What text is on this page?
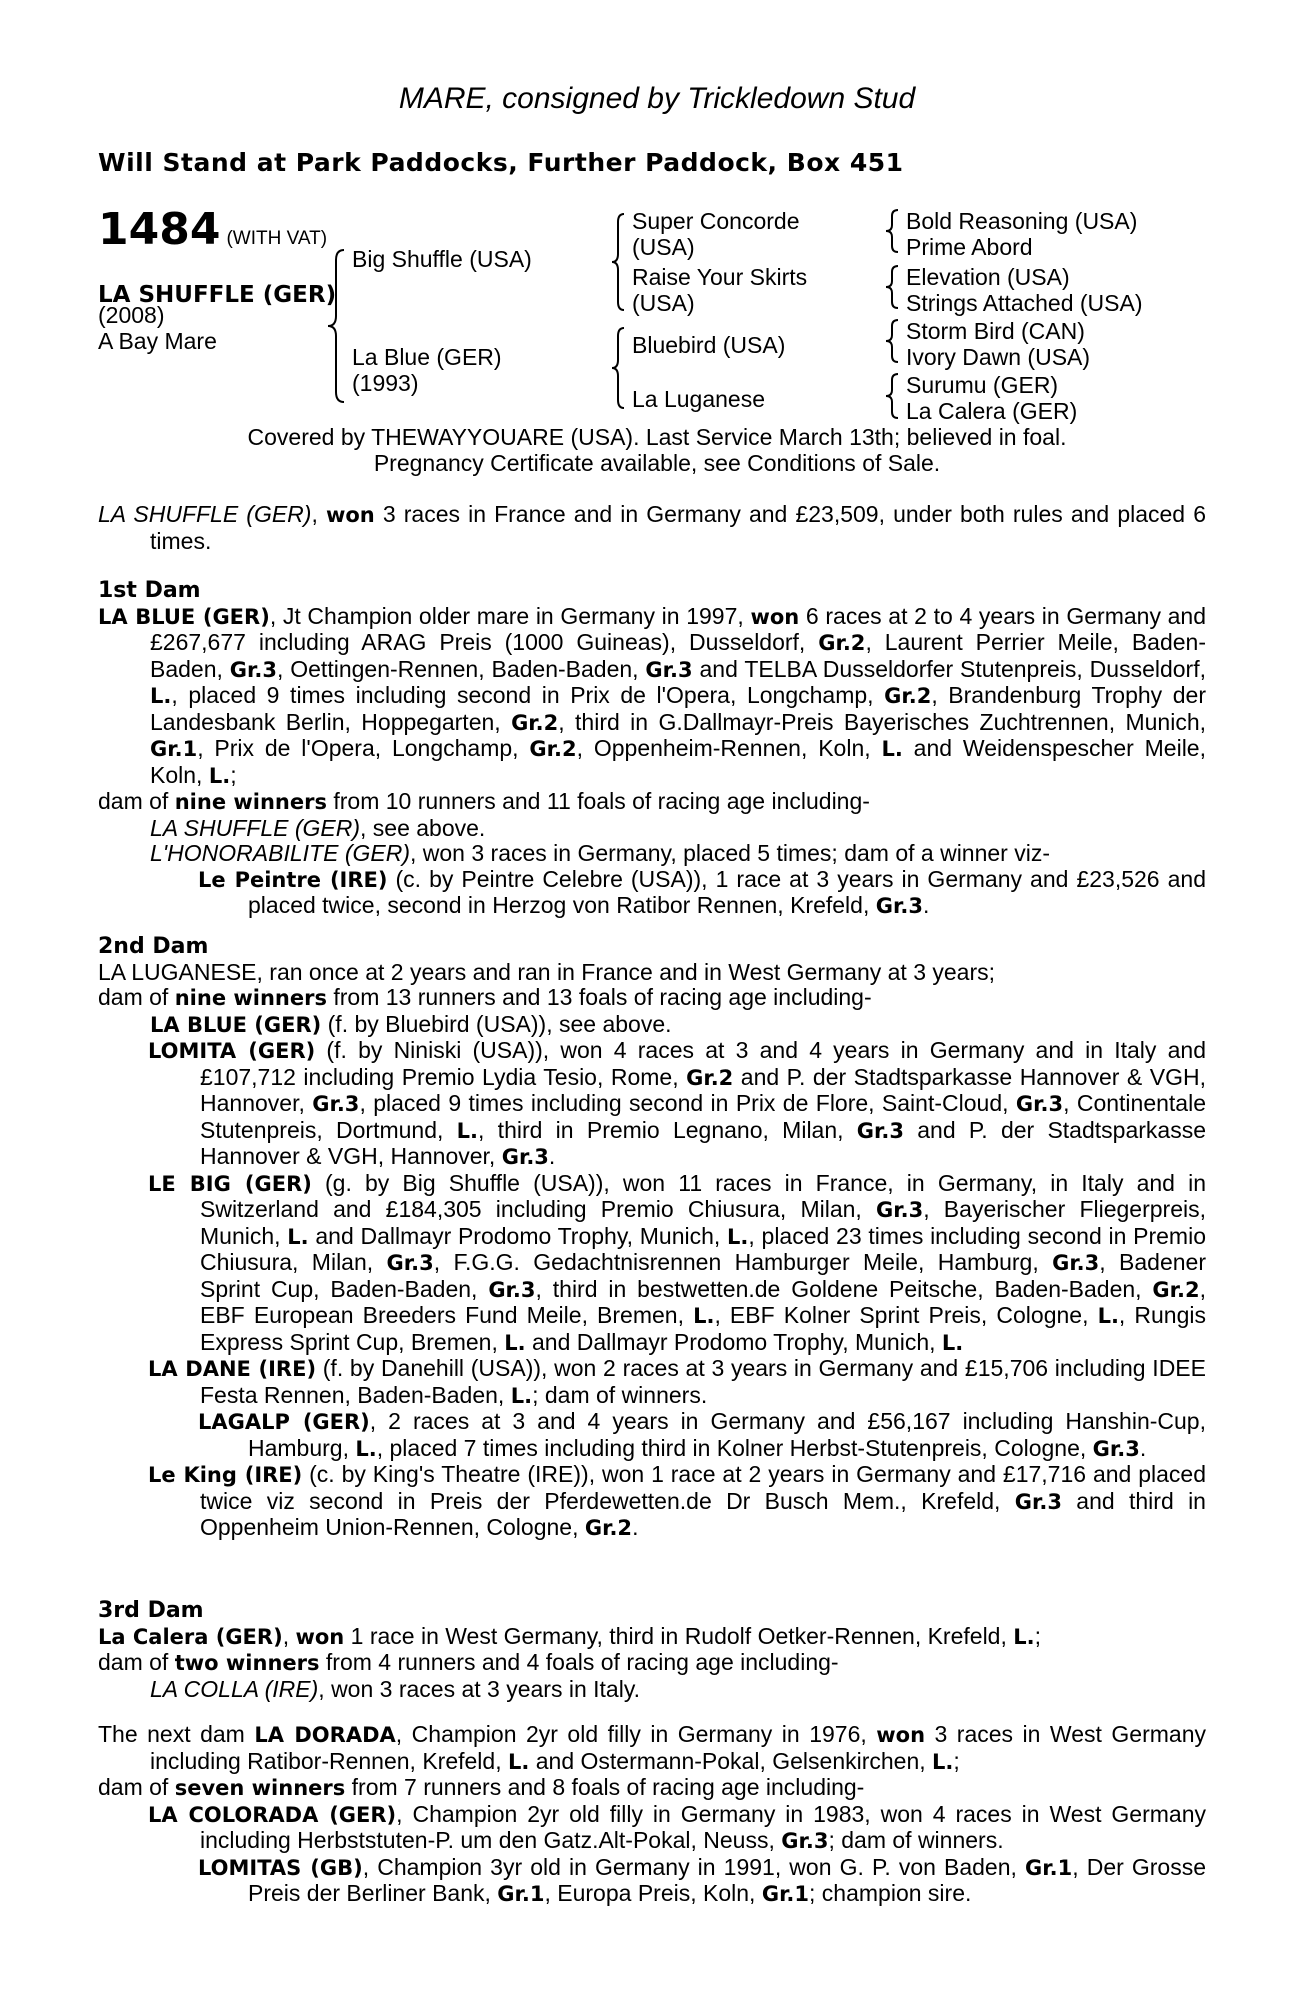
MARE, consigned by Trickledown Stud
Will Stand at Park Paddocks, Further Paddock, Box 451
1484 (WITH VAT)
LA SHUFFLE (GER)
(2008)
A Bay Mare
Big Shuffle (USA)
La Blue (GER)
(1993)
Super Concorde
(USA)
Raise Your Skirts
(USA)
Bluebird (USA)
La Luganese
Bold Reasoning (USA)
Prime Abord
Elevation (USA)
Strings Attached (USA)
Storm Bird (CAN)
Ivory Dawn (USA)
Surumu (GER)
La Calera (GER)
Covered by THEWAYYOUARE (USA). Last Service March 13th; believed in foal.
Pregnancy Certificate available, see Conditions of Sale.

LA SHUFFLE (GER), won 3 races in France and in Germany and £23,509, under both rules and placed 6 times.

1st Dam

LA BLUE (GER), Jt Champion older mare in Germany in 1997, won 6 races at 2 to 4 years in Germany and £267,677 including ARAG Preis (1000 Guineas), Dusseldorf, Gr.2, Laurent Perrier Meile, Baden-Baden, Gr.3, Oettingen-Rennen, Baden-Baden, Gr.3 and TELBA Dusseldorfer Stutenpreis, Dusseldorf, L., placed 9 times including second in Prix de l'Opera, Longchamp, Gr.2, Brandenburg Trophy der Landesbank Berlin, Hoppegarten, Gr.2, third in G.Dallmayr-Preis Bayerisches Zuchtrennen, Munich, Gr.1, Prix de l'Opera, Longchamp, Gr.2, Oppenheim-Rennen, Koln, L. and Weidenspescher Meile, Koln, L.;

dam of nine winners from 10 runners and 11 foals of racing age including-

LA SHUFFLE (GER), see above.

L'HONORABILITE (GER), won 3 races in Germany, placed 5 times; dam of a winner viz-

Le Peintre (IRE) (c. by Peintre Celebre (USA)), 1 race at 3 years in Germany and £23,526 and placed twice, second in Herzog von Ratibor Rennen, Krefeld, Gr.3.

2nd Dam

LA LUGANESE, ran once at 2 years and ran in France and in West Germany at 3 years;

dam of nine winners from 13 runners and 13 foals of racing age including-

LA BLUE (GER) (f. by Bluebird (USA)), see above.

LOMITA (GER) (f. by Niniski (USA)), won 4 races at 3 and 4 years in Germany and in Italy and £107,712 including Premio Lydia Tesio, Rome, Gr.2 and P. der Stadtsparkasse Hannover & VGH, Hannover, Gr.3, placed 9 times including second in Prix de Flore, Saint-Cloud, Gr.3, Continentale Stutenpreis, Dortmund, L., third in Premio Legnano, Milan, Gr.3 and P. der Stadtsparkasse Hannover & VGH, Hannover, Gr.3.

LE BIG (GER) (g. by Big Shuffle (USA)), won 11 races in France, in Germany, in Italy and in Switzerland and £184,305 including Premio Chiusura, Milan, Gr.3, Bayerischer Fliegerpreis, Munich, L. and Dallmayr Prodomo Trophy, Munich, L., placed 23 times including second in Premio Chiusura, Milan, Gr.3, F.G.G. Gedachtnisrennen Hamburger Meile, Hamburg, Gr.3, Badener Sprint Cup, Baden-Baden, Gr.3, third in bestwetten.de Goldene Peitsche, Baden-Baden, Gr.2, EBF European Breeders Fund Meile, Bremen, L., EBF Kolner Sprint Preis, Cologne, L., Rungis Express Sprint Cup, Bremen, L. and Dallmayr Prodomo Trophy, Munich, L.

LA DANE (IRE) (f. by Danehill (USA)), won 2 races at 3 years in Germany and £15,706 including IDEE Festa Rennen, Baden-Baden, L.; dam of winners.

LAGALP (GER), 2 races at 3 and 4 years in Germany and £56,167 including Hanshin-Cup, Hamburg, L., placed 7 times including third in Kolner Herbst-Stutenpreis, Cologne, Gr.3.

Le King (IRE) (c. by King's Theatre (IRE)), won 1 race at 2 years in Germany and £17,716 and placed twice viz second in Preis der Pferdewetten.de Dr Busch Mem., Krefeld, Gr.3 and third in Oppenheim Union-Rennen, Cologne, Gr.2.

3rd Dam

La Calera (GER), won 1 race in West Germany, third in Rudolf Oetker-Rennen, Krefeld, L.;

dam of two winners from 4 runners and 4 foals of racing age including-

LA COLLA (IRE), won 3 races at 3 years in Italy.

The next dam LA DORADA, Champion 2yr old filly in Germany in 1976, won 3 races in West Germany including Ratibor-Rennen, Krefeld, L. and Ostermann-Pokal, Gelsenkirchen, L.;

dam of seven winners from 7 runners and 8 foals of racing age including-

LA COLORADA (GER), Champion 2yr old filly in Germany in 1983, won 4 races in West Germany including Herbststuten-P. um den Gatz.Alt-Pokal, Neuss, Gr.3; dam of winners.

LOMITAS (GB), Champion 3yr old in Germany in 1991, won G. P. von Baden, Gr.1, Der Grosse Preis der Berliner Bank, Gr.1, Europa Preis, Koln, Gr.1; champion sire.
